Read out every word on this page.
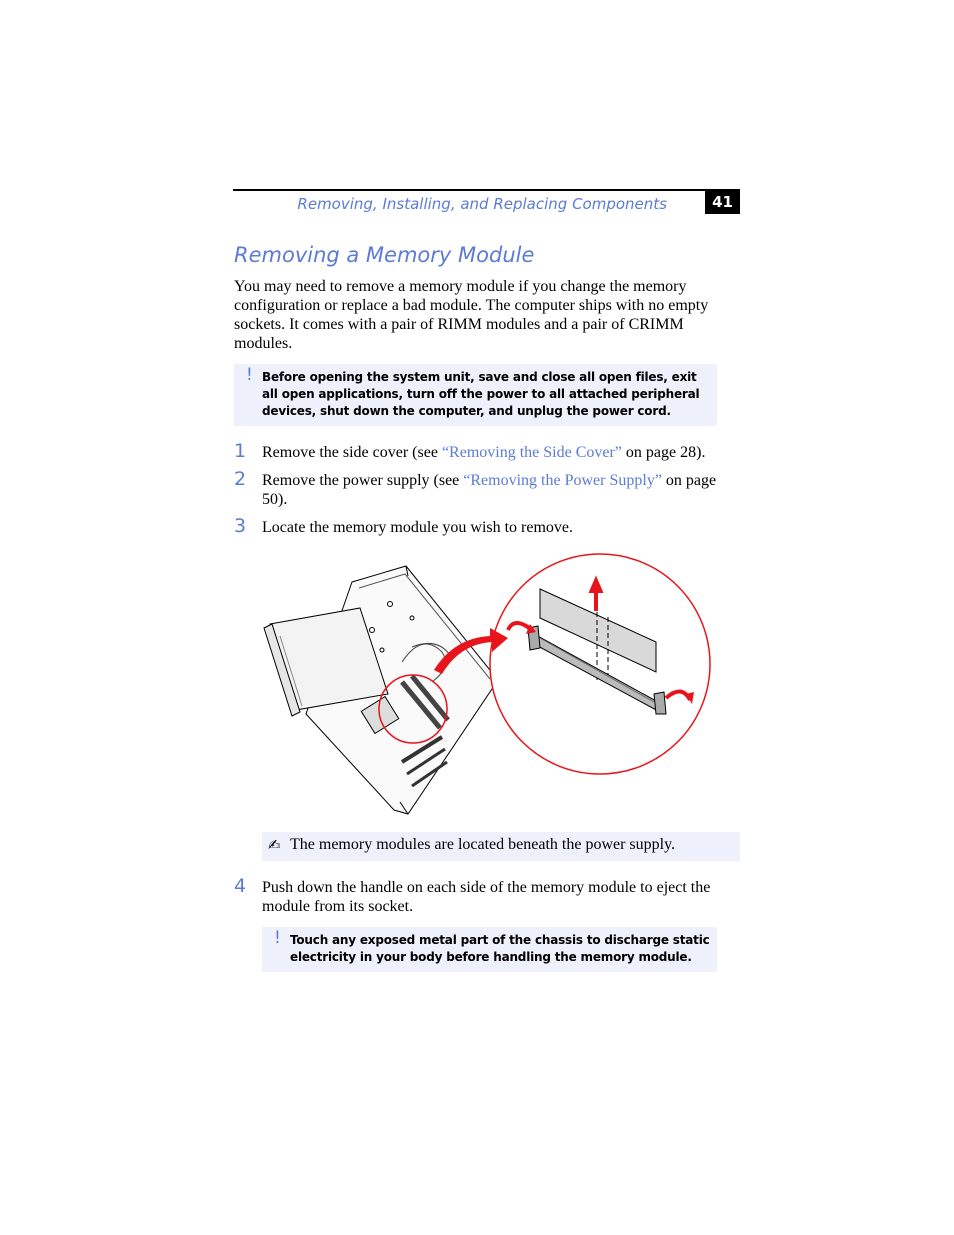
Removing, Installing, and Replacing Components	41
Removing a Memory Module

You may need to remove a memory module if you change the memory configuration or replace a bad module. The computer ships with no empty sockets. It comes with a pair of RIMM modules and a pair of CRIMM modules.

! Before opening the system unit, save and close all open files, exit all open applications, turn off the power to all attached peripheral devices, shut down the computer, and unplug the power cord.
1 Remove the side cover (see “Removing the Side Cover” on page 28).
2 Remove the power supply (see “Removing the Power Supply” on page 50).
3 Locate the memory module you wish to remove.
✍ The memory modules are located beneath the power supply.
4 Push down the handle on each side of the memory module to eject the module from its socket.
! Touch any exposed metal part of the chassis to discharge static electricity in your body before handling the memory module.
